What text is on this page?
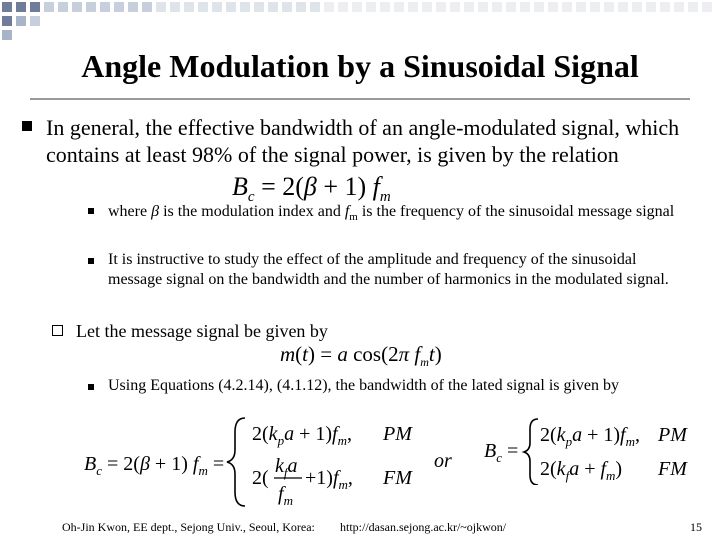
Angle Modulation by a Sinusoidal Signal
In general, the effective bandwidth of an angle-modulated signal, which contains at least 98% of the signal power, is given by the relation
$B_c = 2(\beta + 1)$ $f_m$
where β is the modulation index and $f_m$ is the frequency of the sinusoidal message signal
It is instructive to study the effect of the amplitude and frequency of the sinusoidal message signal on the bandwidth and the number of harmonics in the modulated signal.
Let the message signal be given by
m(t) = a cos(2π $f_mt$)
Using Equations (4.2.14), (4.1.12), the bandwidth of the lated signal is given by
$B_c = 2(\beta + 1) f_m$ =
$2(k_pa + 1)f_m$,
2(
$k_fa$
$f_m$
$+1)f_m$,
PM
FM
or $B_c$ =
$2(k_pa + 1)f_m$,
$2(k_fa + f_m)$
PM
FM
Oh-Jin Kwon, EE dept., Sejong Univ., Seoul, Korea: http://dasan.sejong.ac.kr/~ojkwon/	15
